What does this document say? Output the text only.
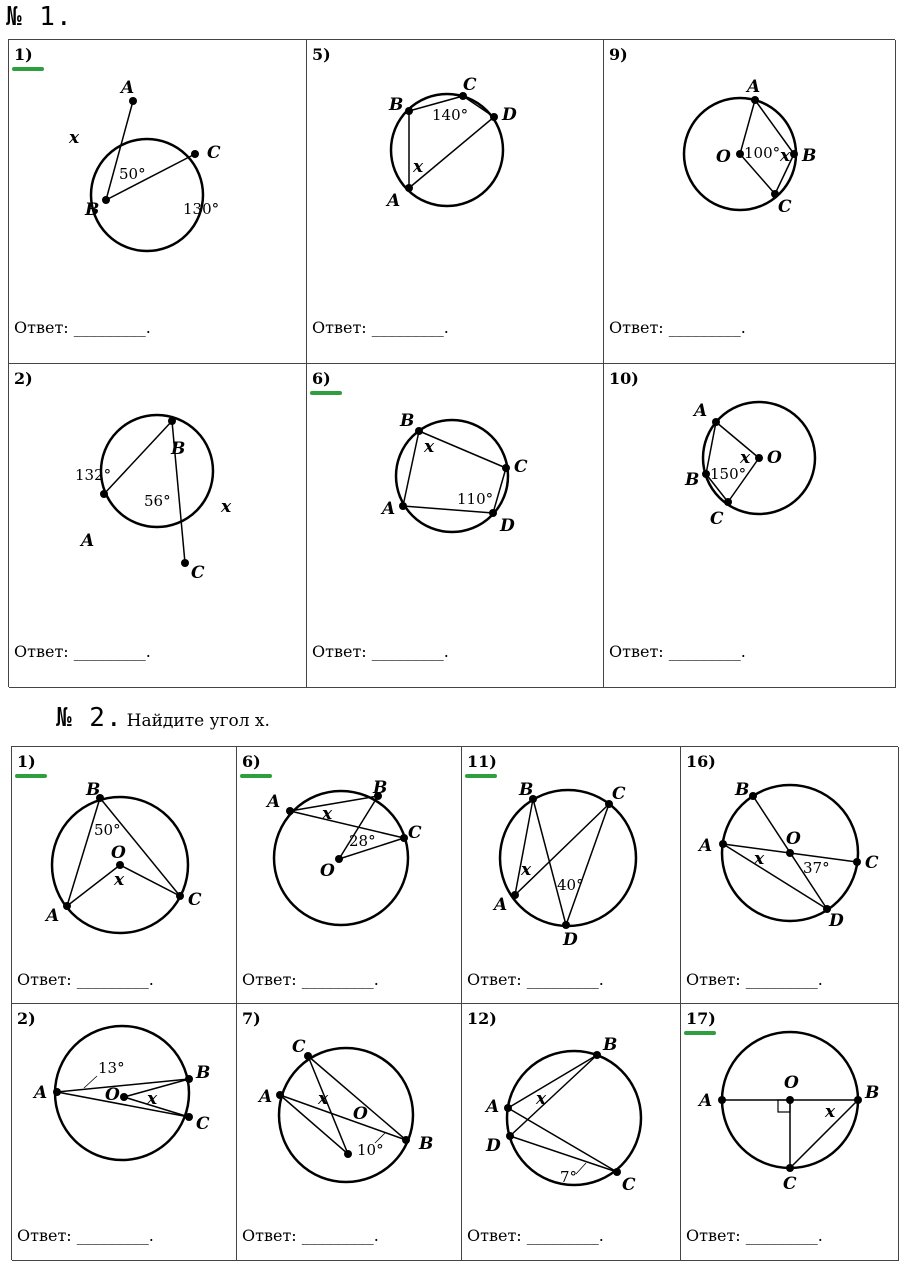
№ 1.
1)
A
x
C
50°
B	130°
Ответ: _________.
5)
B
C
140° D
x
A
Ответ: _________.
9)
A
O 100° x B
C
Ответ: _________.
2)
132°
B
56°	x
A
C
Ответ: _________.
6)
B
x
C
110°
A
D
Ответ: _________.
10)
A
x O
B 150°
C
Ответ: _________.
№ 2. Найдите угол x.
1)
B
50°
O
x
A
C
Ответ: _________.
6)
A
B
x
28° C
O
Ответ: _________.
11)
B	C
x
40°
A
D
Ответ: _________.
16)
B
O
A
x	37° C
D
Ответ: _________.
2)
13°	B
A	O x
C
Ответ: _________.
7)
C
A	x
O
10° B
Ответ: _________.
12)
B
A x
D
7°	C
Ответ: _________.
17)
O
A	B
x
C
Ответ: _________.
